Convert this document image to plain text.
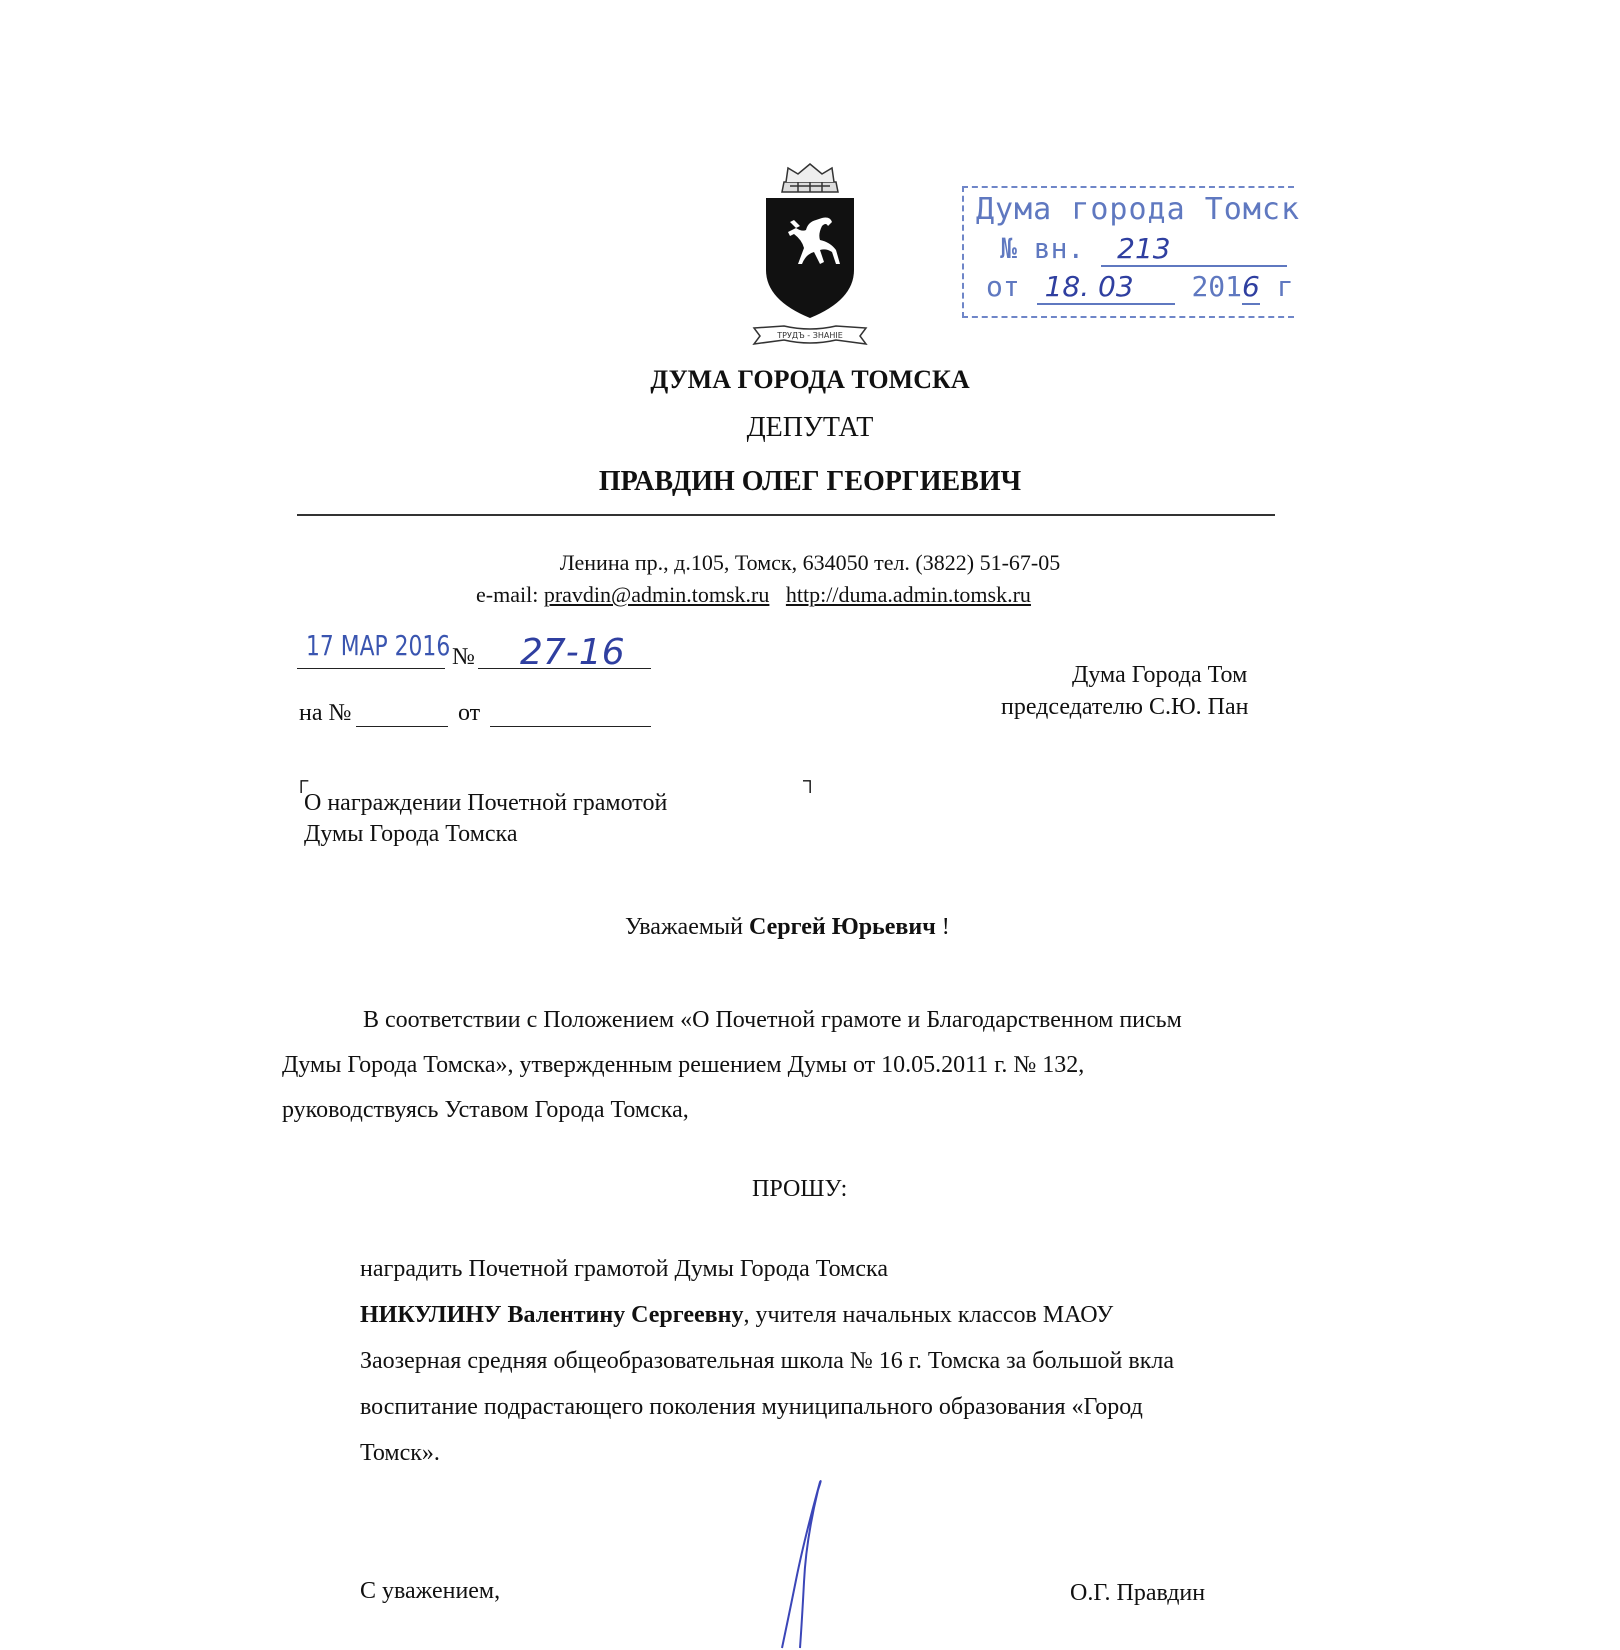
ТРУДЪ - ЗНАНIЕ
Дума города Томск
№ вн. 213
от 18. 03 2016 г
ДУМА ГОРОДА ТОМСКА
ДЕПУТАТ
ПРАВДИН ОЛЕГ ГЕОРГИЕВИЧ
Ленина пр., д.105, Томск, 634050 тел. (3822) 51-67-05
e-mail: pravdin@admin.tomsk.ru http://duma.admin.tomsk.ru
17 МАР 2016 № 27-16
на №	от
Дума Города Том
председателю С.Ю. Пан
┌	┐
О награждении Почетной грамотой
Думы Города Томска
Уважаемый Сергей Юрьевич !
В соответствии с Положением «О Почетной грамоте и Благодарственном письм
Думы Города Томска», утвержденным решением Думы от 10.05.2011 г. № 132,
руководствуясь Уставом Города Томска,
ПРОШУ:
наградить Почетной грамотой Думы Города Томска
НИКУЛИНУ Валентину Сергеевну, учителя начальных классов МАОУ
Заозерная средняя общеобразовательная школа № 16 г. Томска за большой вкла
воспитание подрастающего поколения муниципального образования «Город
Томск».
С уважением,	О.Г. Правдин
